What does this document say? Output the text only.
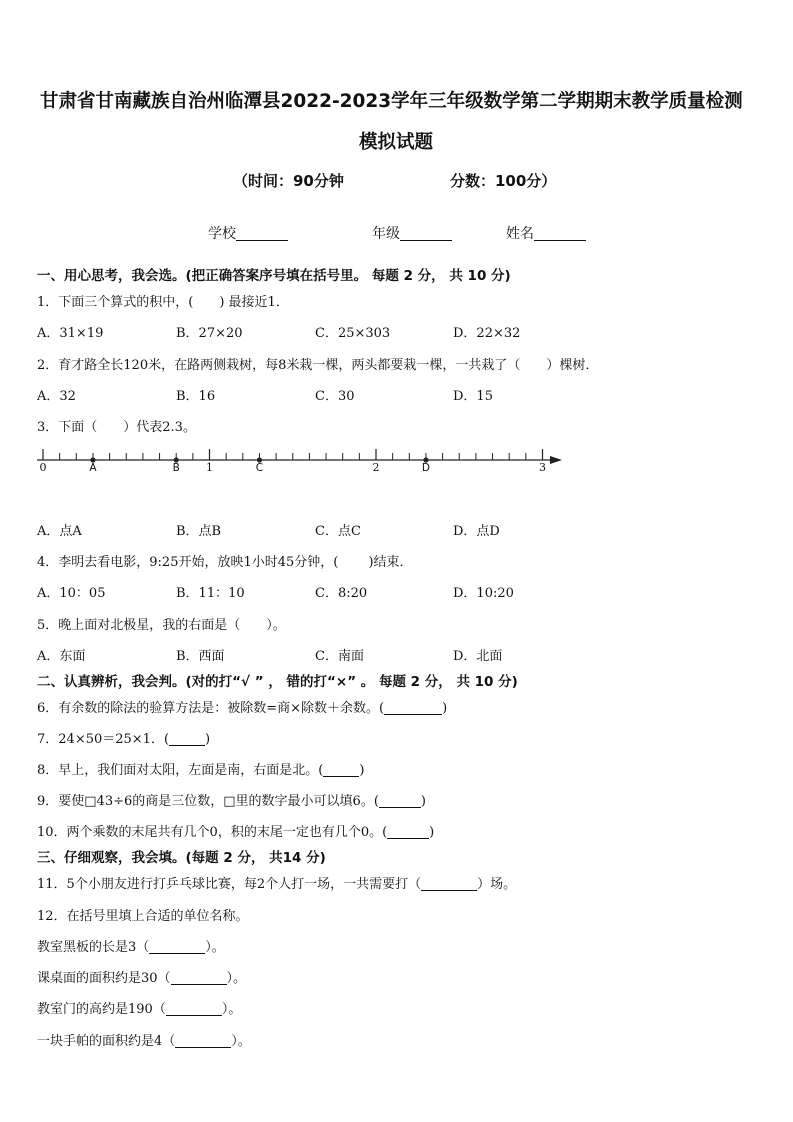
甘肃省甘南藏族自治州临潭县2022-2023学年三年级数学第二学期期末教学质量检测
模拟试题
（时间：90分钟	分数：100分）
学校	年级	姓名
一、用心思考，我会选。(把正确答案序号填在括号里。 每题 2 分， 共 10 分)
1．下面三个算式的积中，(　　) 最接近1．
A．31×19	B．27×20	C．25×303	D．22×32
2．育才路全长120米，在路两侧栽树，每8米栽一棵，两头都要栽一棵，一共栽了（　　）棵树．
A．32	B．16	C．30	D．15
3．下面（　　）代表2.3。
0	1	2	3
A	B	C	D
A．点A	B．点B	C．点C	D．点D
4．李明去看电影，9:25开始，放映1小时45分钟，(　　 )结束．
A．10：05	B．11：10	C．8:20	D．10:20
5．晚上面对北极星，我的右面是（　　）。
A．东面	B．西面	C．南面	D．北面
二、认真辨析，我会判。(对的打“√ ” ， 错的打“×” 。 每题 2 分， 共 10 分)
6．有余数的除法的验算方法是：被除数=商×除数＋余数。(	)
7．24×50＝25×1．(	)
8．早上，我们面对太阳，左面是南，右面是北。(	)
9．要使□43÷6的商是三位数，□里的数字最小可以填6。(	)
10．两个乘数的末尾共有几个0，积的末尾一定也有几个0。(	)
三、仔细观察，我会填。(每题 2 分， 共14 分)
11．5个小朋友进行打乒乓球比赛，每2个人打一场，一共需要打（	）场。
12．在括号里填上合适的单位名称。
教室黑板的长是3（	）。
课桌面的面积约是30（	）。
教室门的高约是190（	）。
一块手帕的面积约是4（	）。
